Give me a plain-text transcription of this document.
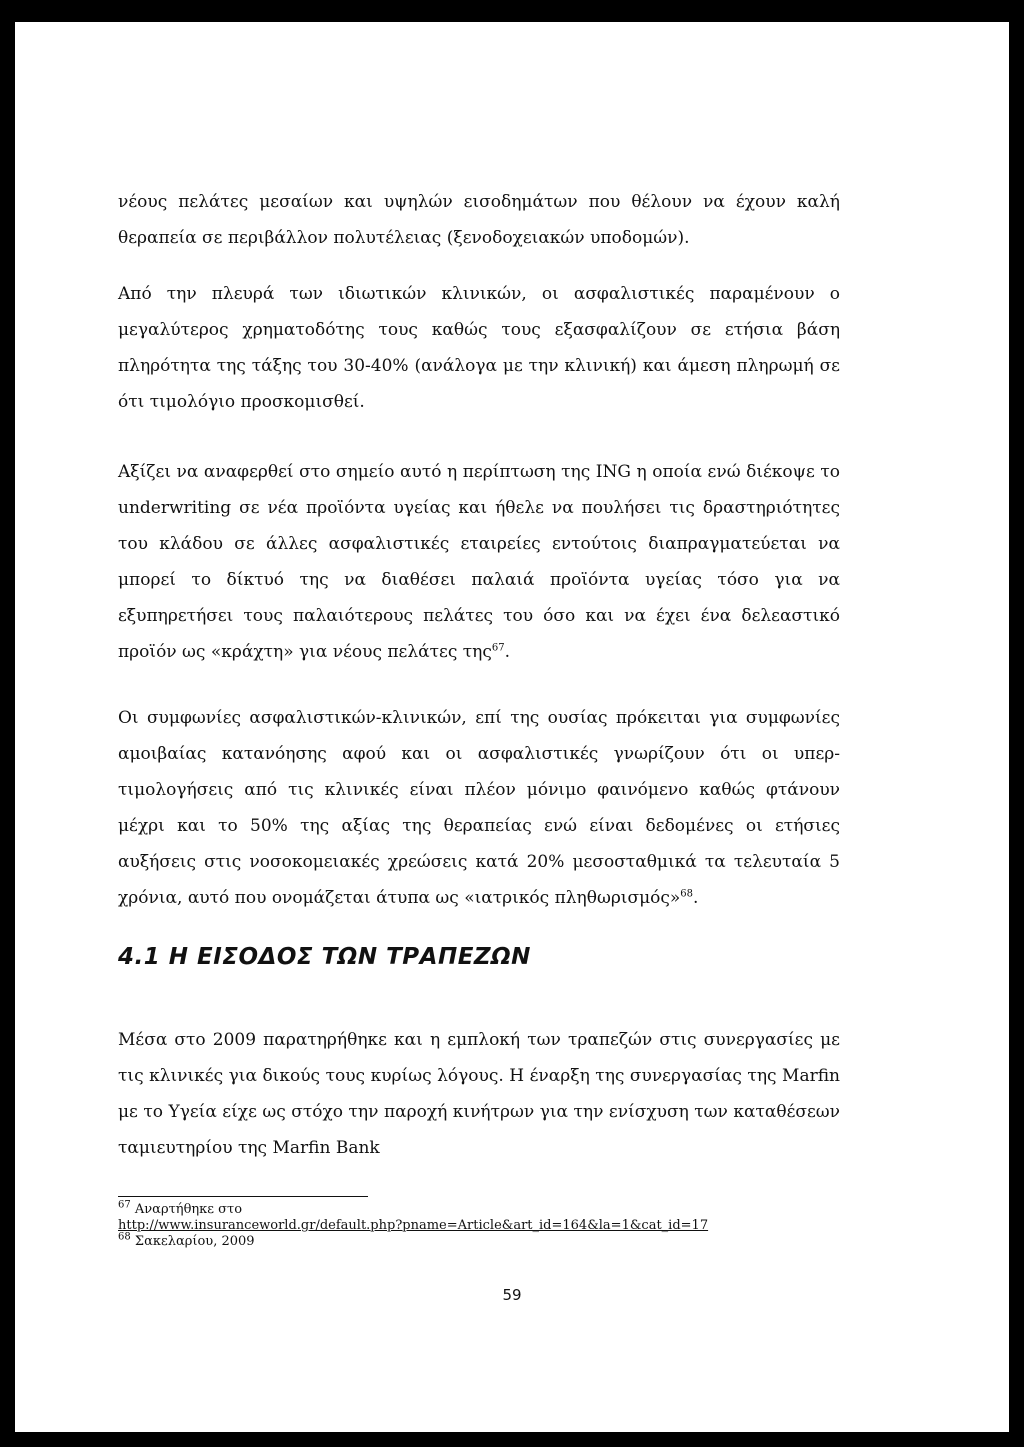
νέους πελάτες μεσαίων και υψηλών εισοδημάτων που θέλουν να έχουν καλή θεραπεία σε περιβάλλον πολυτέλειας (ξενοδοχειακών υποδομών).

Από την πλευρά των ιδιωτικών κλινικών, οι ασφαλιστικές παραμένουν ο μεγαλύτερος χρηματοδότης τους καθώς τους εξασφαλίζουν σε ετήσια βάση πληρότητα της τάξης του 30-40% (ανάλογα με την κλινική) και άμεση πληρωμή σε ότι τιμολόγιο προσκομισθεί.

Αξίζει να αναφερθεί στο σημείο αυτό η περίπτωση της ING η οποία ενώ διέκοψε το underwriting σε νέα προϊόντα υγείας και ήθελε να πουλήσει τις δραστηριότητες του κλάδου σε άλλες ασφαλιστικές εταιρείες εντούτοις διαπραγματεύεται να μπορεί το δίκτυό της να διαθέσει παλαιά προϊόντα υγείας τόσο για να εξυπηρετήσει τους παλαιότερους πελάτες του όσο και να έχει ένα δελεαστικό προϊόν ως «κράχτη» για νέους πελάτες της$^{67}$.

Οι συμφωνίες ασφαλιστικών-κλινικών, επί της ουσίας πρόκειται για συμφωνίες αμοιβαίας κατανόησης αφού και οι ασφαλιστικές γνωρίζουν ότι οι υπερ-τιμολογήσεις από τις κλινικές είναι πλέον μόνιμο φαινόμενο καθώς φτάνουν μέχρι και το 50% της αξίας της θεραπείας ενώ είναι δεδομένες οι ετήσιες αυξήσεις στις νοσοκομειακές χρεώσεις κατά 20% μεσοσταθμικά τα τελευταία 5 χρόνια, αυτό που ονομάζεται άτυπα ως «ιατρικός πληθωρισμός»$^{68}$.

4.1 Η ΕΙΣΟΔΟΣ ΤΩΝ ΤΡΑΠΕΖΩΝ

Μέσα στο 2009 παρατηρήθηκε και η εμπλοκή των τραπεζών στις συνεργασίες με τις κλινικές για δικούς τους κυρίως λόγους. Η έναρξη της συνεργασίας της Marfin με το Υγεία είχε ως στόχο την παροχή κινήτρων για την ενίσχυση των καταθέσεων ταμιευτηρίου της Marfin Bank

$^{67}$ Αναρτήθηκε στο

http://www.insuranceworld.gr/default.php?pname=Article&art_id=164&la=1&cat_id=17

$^{68}$ Σακελαρίου, 2009

59
